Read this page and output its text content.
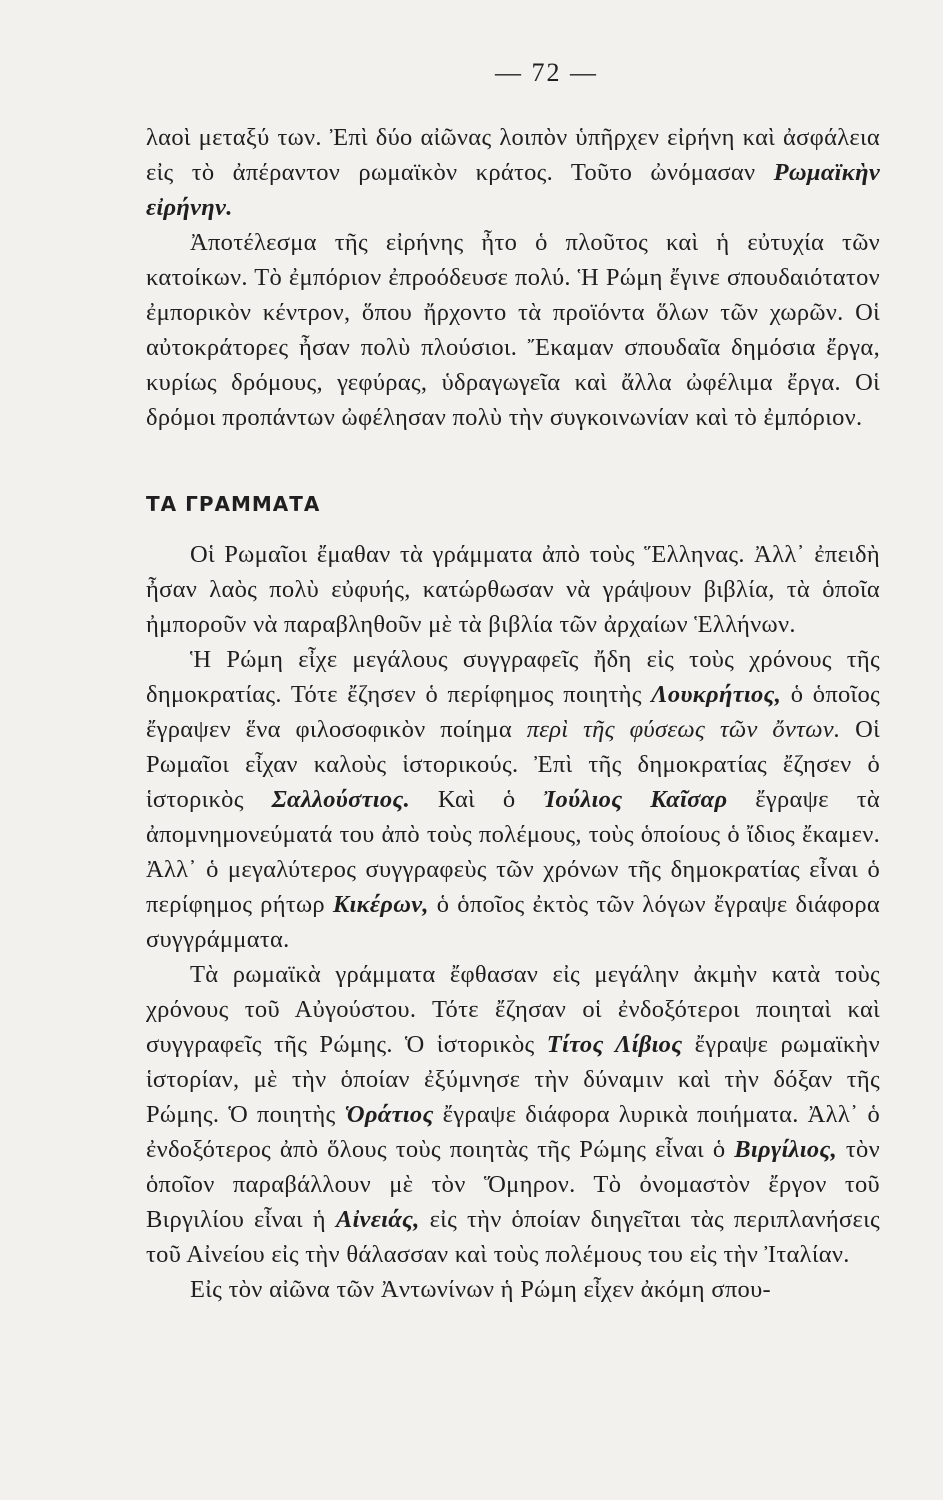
— 72 —

λαοὶ μεταξύ των. Ἐπὶ δύο αἰῶνας λοιπὸν ὑπῆρχεν εἰρήνη καὶ ἀσφάλεια εἰς τὸ ἀπέραντον ρωμαϊκὸν κράτος. Τοῦτο ὠνόμασαν Ρωμαϊκὴν εἰρήνην.

Ἀποτέλεσμα τῆς εἰρήνης ἦτο ὁ πλοῦτος καὶ ἡ εὐτυχία τῶν κατοίκων. Τὸ ἐμπόριον ἐπροόδευσε πολύ. Ἡ Ρώμη ἔγινε σπουδαιότατον ἐμπορικὸν κέντρον, ὅπου ἤρχοντο τὰ προϊόντα ὅλων τῶν χωρῶν. Οἱ αὐτοκράτορες ἦσαν πολὺ πλούσιοι. Ἔκαμαν σπουδαῖα δημόσια ἔργα, κυρίως δρόμους, γεφύρας, ὑδραγωγεῖα καὶ ἄλλα ὠφέλιμα ἔργα. Οἱ δρόμοι προπάντων ὠφέλησαν πολὺ τὴν συγκοινωνίαν καὶ τὸ ἐμπόριον.

ΤΑ ΓΡΑΜΜΑΤΑ

Οἱ Ρωμαῖοι ἔμαθαν τὰ γράμματα ἀπὸ τοὺς Ἕλληνας. Ἀλλ᾽ ἐπειδὴ ἦσαν λαὸς πολὺ εὐφυής, κατώρθωσαν νὰ γράψουν βιβλία, τὰ ὁποῖα ἠμποροῦν νὰ παραβληθοῦν μὲ τὰ βιβλία τῶν ἀρχαίων Ἑλλήνων.

Ἡ Ρώμη εἶχε μεγάλους συγγραφεῖς ἤδη εἰς τοὺς χρόνους τῆς δημοκρατίας. Τότε ἔζησεν ὁ περίφημος ποιητὴς Λουκρήτιος, ὁ ὁποῖος ἔγραψεν ἕνα φιλοσοφικὸν ποίημα περὶ τῆς φύσεως τῶν ὄντων. Οἱ Ρωμαῖοι εἶχαν καλοὺς ἱστορικούς. Ἐπὶ τῆς δημοκρατίας ἔζησεν ὁ ἱστορικὸς Σαλλούστιος. Καὶ ὁ Ἰούλιος Καῖσαρ ἔγραψε τὰ ἀπομνημονεύματά του ἀπὸ τοὺς πολέμους, τοὺς ὁποίους ὁ ἴδιος ἔκαμεν. Ἀλλ᾽ ὁ μεγαλύτερος συγγραφεὺς τῶν χρόνων τῆς δημοκρατίας εἶναι ὁ περίφημος ρήτωρ Κικέρων, ὁ ὁποῖος ἐκτὸς τῶν λόγων ἔγραψε διάφορα συγγράμματα.

Τὰ ρωμαϊκὰ γράμματα ἔφθασαν εἰς μεγάλην ἀκμὴν κατὰ τοὺς χρόνους τοῦ Αὐγούστου. Τότε ἔζησαν οἱ ἐνδοξότεροι ποιηταὶ καὶ συγγραφεῖς τῆς Ρώμης. Ὁ ἱστορικὸς Τίτος Λίβιος ἔγραψε ρωμαϊκὴν ἱστορίαν, μὲ τὴν ὁποίαν ἐξύμνησε τὴν δύναμιν καὶ τὴν δόξαν τῆς Ρώμης. Ὁ ποιητὴς Ὁράτιος ἔγραψε διάφορα λυρικὰ ποιήματα. Ἀλλ᾽ ὁ ἐνδοξότερος ἀπὸ ὅλους τοὺς ποιητὰς τῆς Ρώμης εἶναι ὁ Βιργίλιος, τὸν ὁποῖον παραβάλλουν μὲ τὸν Ὅμηρον. Τὸ ὀνομαστὸν ἔργον τοῦ Βιργιλίου εἶναι ἡ Αἰνειάς, εἰς τὴν ὁποίαν διηγεῖται τὰς περιπλανήσεις τοῦ Αἰνείου εἰς τὴν θάλασσαν καὶ τοὺς πολέμους του εἰς τὴν Ἰταλίαν.

Εἰς τὸν αἰῶνα τῶν Ἀντωνίνων ἡ Ρώμη εἶχεν ἀκόμη σπου-
